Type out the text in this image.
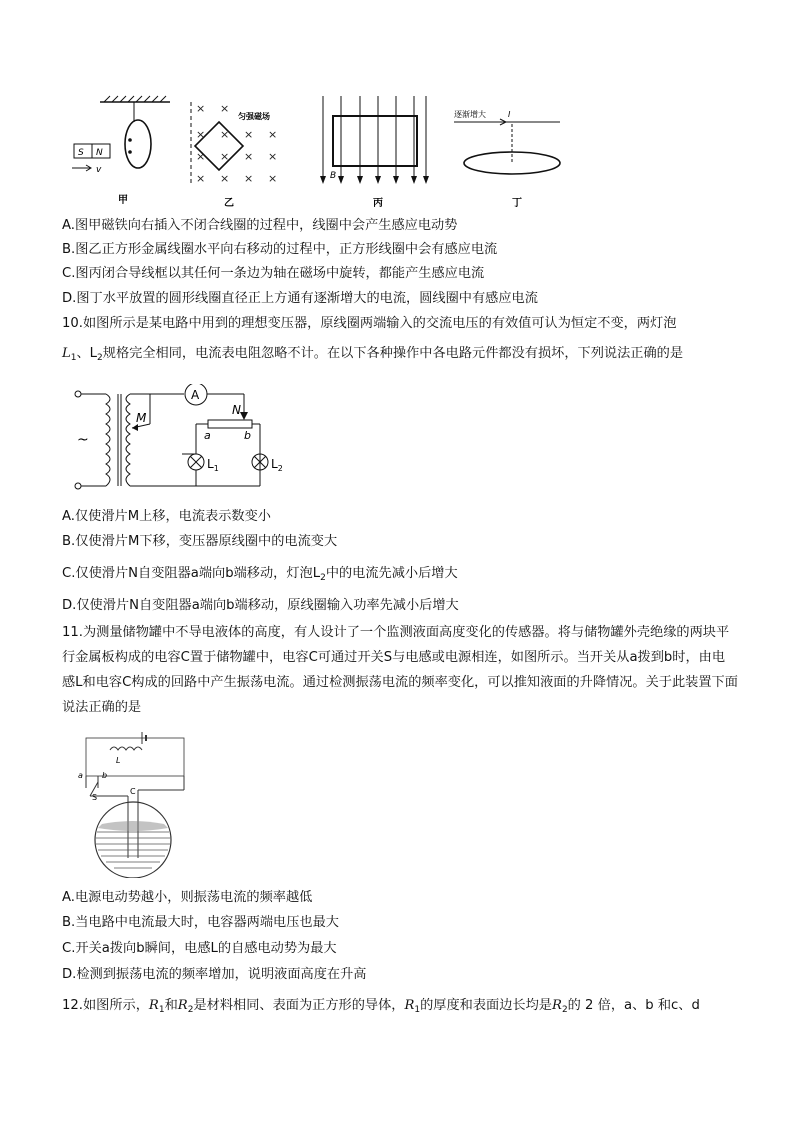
S N
v
甲
× ×
× × × ×
× × × ×
× × × ×
匀强磁场
乙
B
丙
逐渐增大	I
丁
A.图甲磁铁向右插入不闭合线圈的过程中，线圈中会产生感应电动势
B.图乙正方形金属线圈水平向右移动的过程中，正方形线圈中会有感应电流
C.图丙闭合导线框以其任何一条边为轴在磁场中旋转，都能产生感应电流
D.图丁水平放置的圆形线圈直径正上方通有逐渐增大的电流，圆线圈中有感应电流
10.如图所示是某电路中用到的理想变压器，原线圈两端输入的交流电压的有效值可认为恒定不变，两灯泡
$L_1$、$L_2$规格完全相同，电流表电阻忽略不计。在以下各种操作中各电路元件都没有损坏，下列说法正确的是
~
M
A
N
a	b
$L_1$	$L_2$
A.仅使滑片M上移，电流表示数变小
B.仅使滑片M下移，变压器原线圈中的电流变大
C.仅使滑片N自变阻器a端向b端移动，灯泡$L_2$中的电流先减小后增大
D.仅使滑片N自变阻器a端向b端移动，原线圈输入功率先减小后增大
11.为测量储物罐中不导电液体的高度，有人设计了一个监测液面高度变化的传感器。将与储物罐外壳绝缘的两块平行金属板构成的电容C置于储物罐中，电容C可通过开关S与电感或电源相连，如图所示。当开关从a拨到b时，由电感L和电容C构成的回路中产生振荡电流。通过检测振荡电流的频率变化，可以推知液面的升降情况。关于此装置下面说法正确的是
L
a b
S
C
A.电源电动势越小，则振荡电流的频率越低
B.当电路中电流最大时，电容器两端电压也最大
C.开关a拨向b瞬间，电感L的自感电动势为最大
D.检测到振荡电流的频率增加，说明液面高度在升高
12.如图所示，$R_1$和$R_2$是材料相同、表面为正方形的导体，$R_1$的厚度和表面边长均是$R_2$的 2 倍，a、b 和c、d
